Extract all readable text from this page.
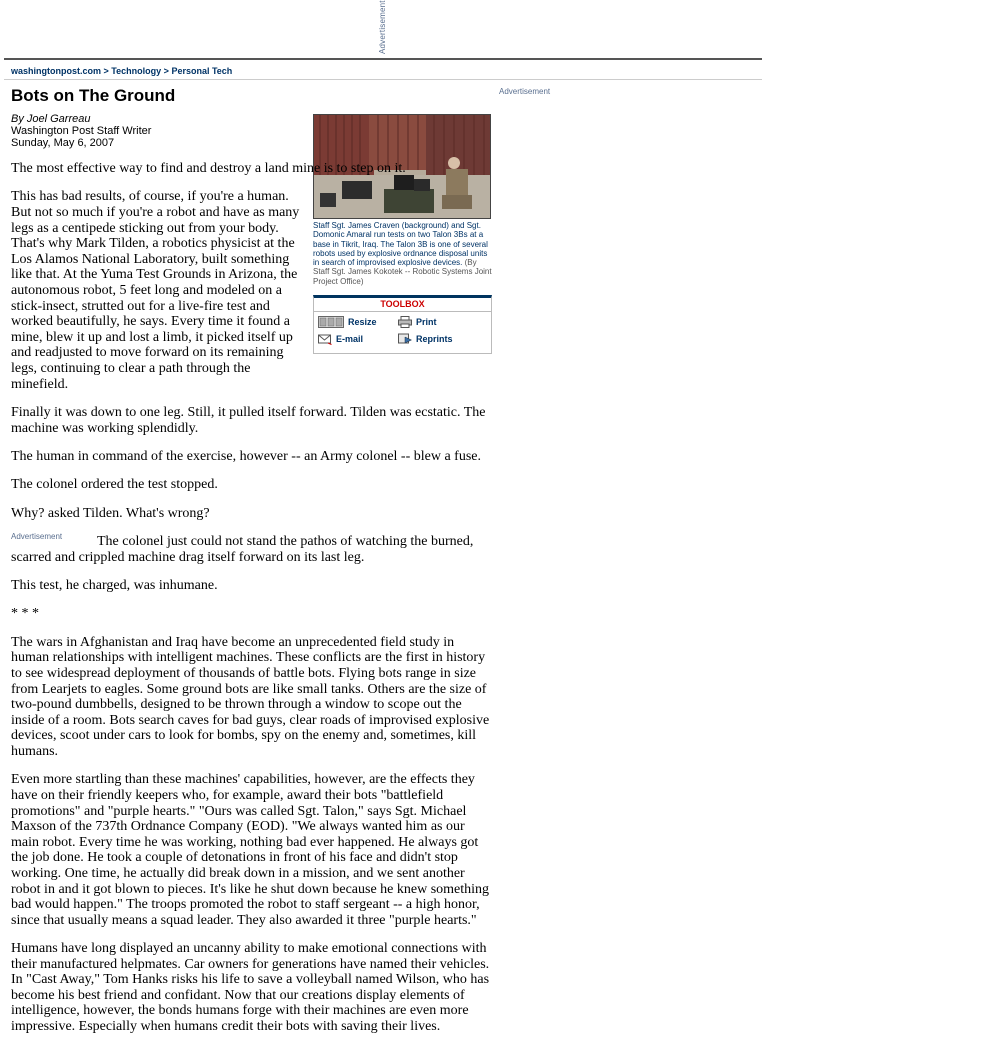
Advertisement
washingtonpost.com > Technology > Personal Tech
Advertisement
Bots on The Ground
By Joel Garreau
Washington Post Staff Writer
Sunday, May 6, 2007
Staff Sgt. James Craven (background) and Sgt. Domonic Amaral run tests on two Talon 3Bs at a base in Tikrit, Iraq. The Talon 3B is one of several robots used by explosive ordnance disposal units in search of improvised explosive devices. (By Staff Sgt. James Kokotek -- Robotic Systems Joint Project Office)
TOOLBOX
Resize	Print
E-mail	Reprints

The most effective way to find and destroy a land mine is to step on it.

This has bad results, of course, if you're a human. But not so much if you're a robot and have as many legs as a centipede sticking out from your body. That's why Mark Tilden, a robotics physicist at the Los Alamos National Laboratory, built something like that. At the Yuma Test Grounds in Arizona, the autonomous robot, 5 feet long and modeled on a stick-insect, strutted out for a live-fire test and worked beautifully, he says. Every time it found a mine, blew it up and lost a limb, it picked itself up and readjusted to move forward on its remaining legs, continuing to clear a path through the minefield.

Finally it was down to one leg. Still, it pulled itself forward. Tilden was ecstatic. The machine was working splendidly.

The human in command of the exercise, however -- an Army colonel -- blew a fuse.

The colonel ordered the test stopped.

Why? asked Tilden. What's wrong?

Advertisement The colonel just could not stand the pathos of watching the burned, scarred and crippled machine drag itself forward on its last leg.

This test, he charged, was inhumane.

* * *

The wars in Afghanistan and Iraq have become an unprecedented field study in human relationships with intelligent machines. These conflicts are the first in history to see widespread deployment of thousands of battle bots. Flying bots range in size from Learjets to eagles. Some ground bots are like small tanks. Others are the size of two-pound dumbbells, designed to be thrown through a window to scope out the inside of a room. Bots search caves for bad guys, clear roads of improvised explosive devices, scoot under cars to look for bombs, spy on the enemy and, sometimes, kill humans.

Even more startling than these machines' capabilities, however, are the effects they have on their friendly keepers who, for example, award their bots "battlefield promotions" and "purple hearts." "Ours was called Sgt. Talon," says Sgt. Michael Maxson of the 737th Ordnance Company (EOD). "We always wanted him as our main robot. Every time he was working, nothing bad ever happened. He always got the job done. He took a couple of detonations in front of his face and didn't stop working. One time, he actually did break down in a mission, and we sent another robot in and it got blown to pieces. It's like he shut down because he knew something bad would happen." The troops promoted the robot to staff sergeant -- a high honor, since that usually means a squad leader. They also awarded it three "purple hearts."

Humans have long displayed an uncanny ability to make emotional connections with their manufactured helpmates. Car owners for generations have named their vehicles. In "Cast Away," Tom Hanks risks his life to save a volleyball named Wilson, who has become his best friend and confidant. Now that our creations display elements of intelligence, however, the bonds humans forge with their machines are even more impressive. Especially when humans credit their bots with saving their lives.
